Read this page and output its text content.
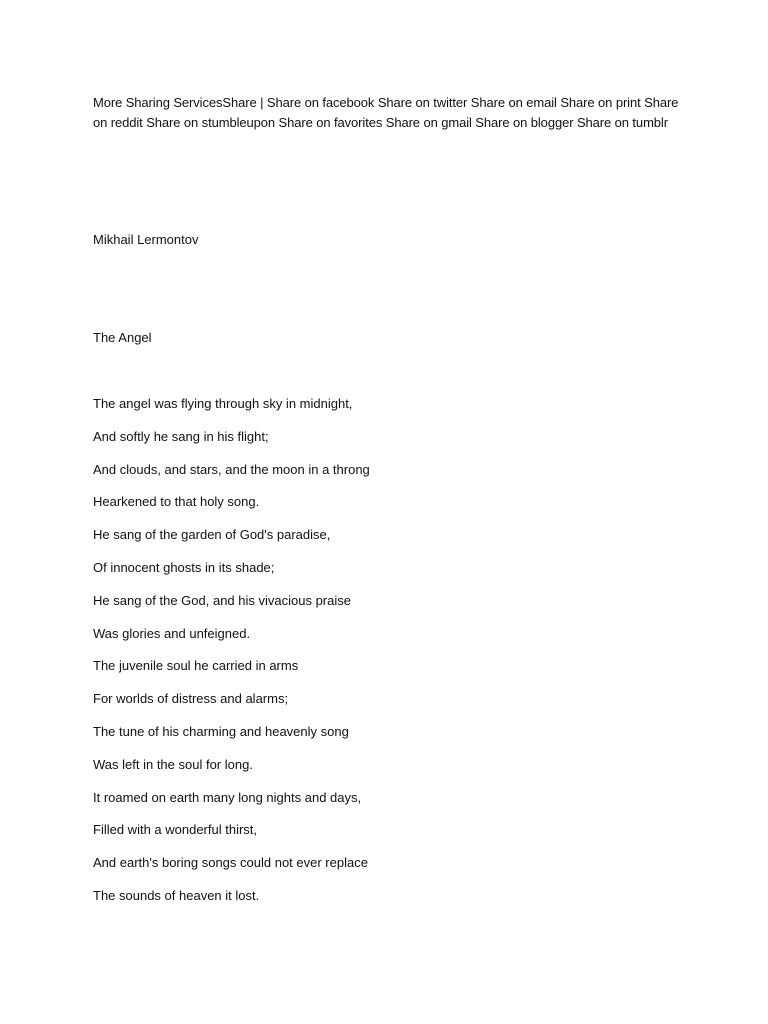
More Sharing ServicesShare | Share on facebook Share on twitter Share on email Share on print Share on reddit Share on stumbleupon Share on favorites Share on gmail Share on blogger Share on tumblr
Mikhail Lermontov
The Angel
The angel was flying through sky in midnight,
And softly he sang in his flight;
And clouds, and stars, and the moon in a throng
Hearkened to that holy song.
He sang of the garden of God's paradise,
Of innocent ghosts in its shade;
He sang of the God, and his vivacious praise
Was glories and unfeigned.
The juvenile soul he carried in arms
For worlds of distress and alarms;
The tune of his charming and heavenly song
Was left in the soul for long.
It roamed on earth many long nights and days,
Filled with a wonderful thirst,
And earth's boring songs could not ever replace
The sounds of heaven it lost.
